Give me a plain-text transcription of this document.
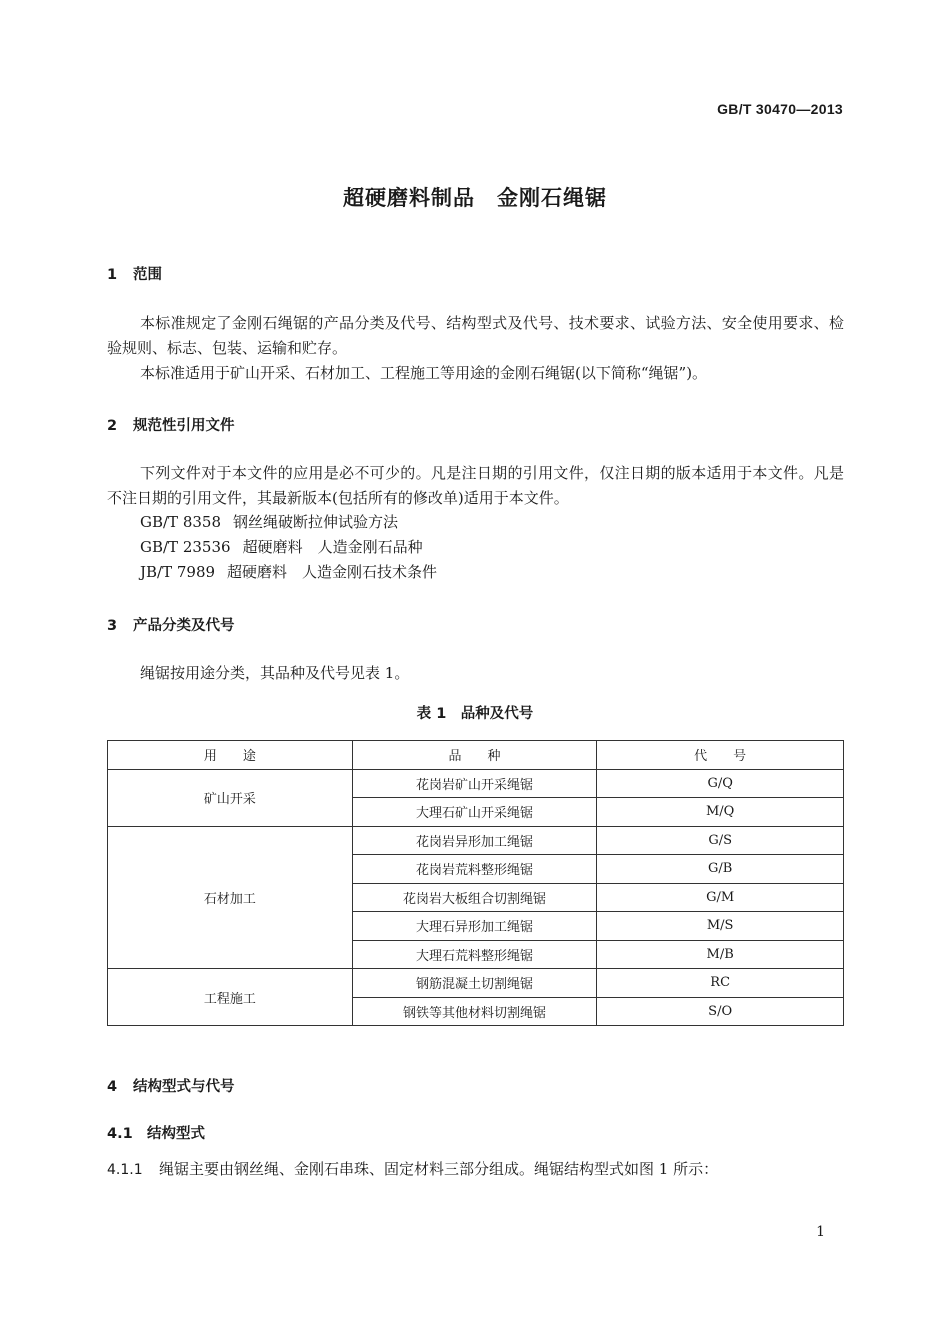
GB/T 30470—2013
超硬磨料制品　金刚石绳锯
1 范围
本标准规定了金刚石绳锯的产品分类及代号、结构型式及代号、技术要求、试验方法、安全使用要求、检验规则、标志、包装、运输和贮存。
本标准适用于矿山开采、石材加工、工程施工等用途的金刚石绳锯(以下简称“绳锯”)。
2 规范性引用文件
下列文件对于本文件的应用是必不可少的。凡是注日期的引用文件，仅注日期的版本适用于本文件。凡是不注日期的引用文件，其最新版本(包括所有的修改单)适用于本文件。
GB/T 8358 钢丝绳破断拉伸试验方法
GB/T 23536 超硬磨料　人造金刚石品种
JB/T 7989 超硬磨料　人造金刚石技术条件
3 产品分类及代号
绳锯按用途分类，其品种及代号见表 1。
表 1　品种及代号
用　　途	品　　种	代　　号
矿山开采	花岗岩矿山开采绳锯	G/Q
	大理石矿山开采绳锯	M/Q
石材加工	花岗岩异形加工绳锯	G/S
	花岗岩荒料整形绳锯	G/B
	花岗岩大板组合切割绳锯	G/M
	大理石异形加工绳锯	M/S
	大理石荒料整形绳锯	M/B
工程施工	钢筋混凝土切割绳锯	RC
	钢铁等其他材料切割绳锯	S/O
4 结构型式与代号
4.1 结构型式
4.1.1 绳锯主要由钢丝绳、金刚石串珠、固定材料三部分组成。绳锯结构型式如图 1 所示：
1
